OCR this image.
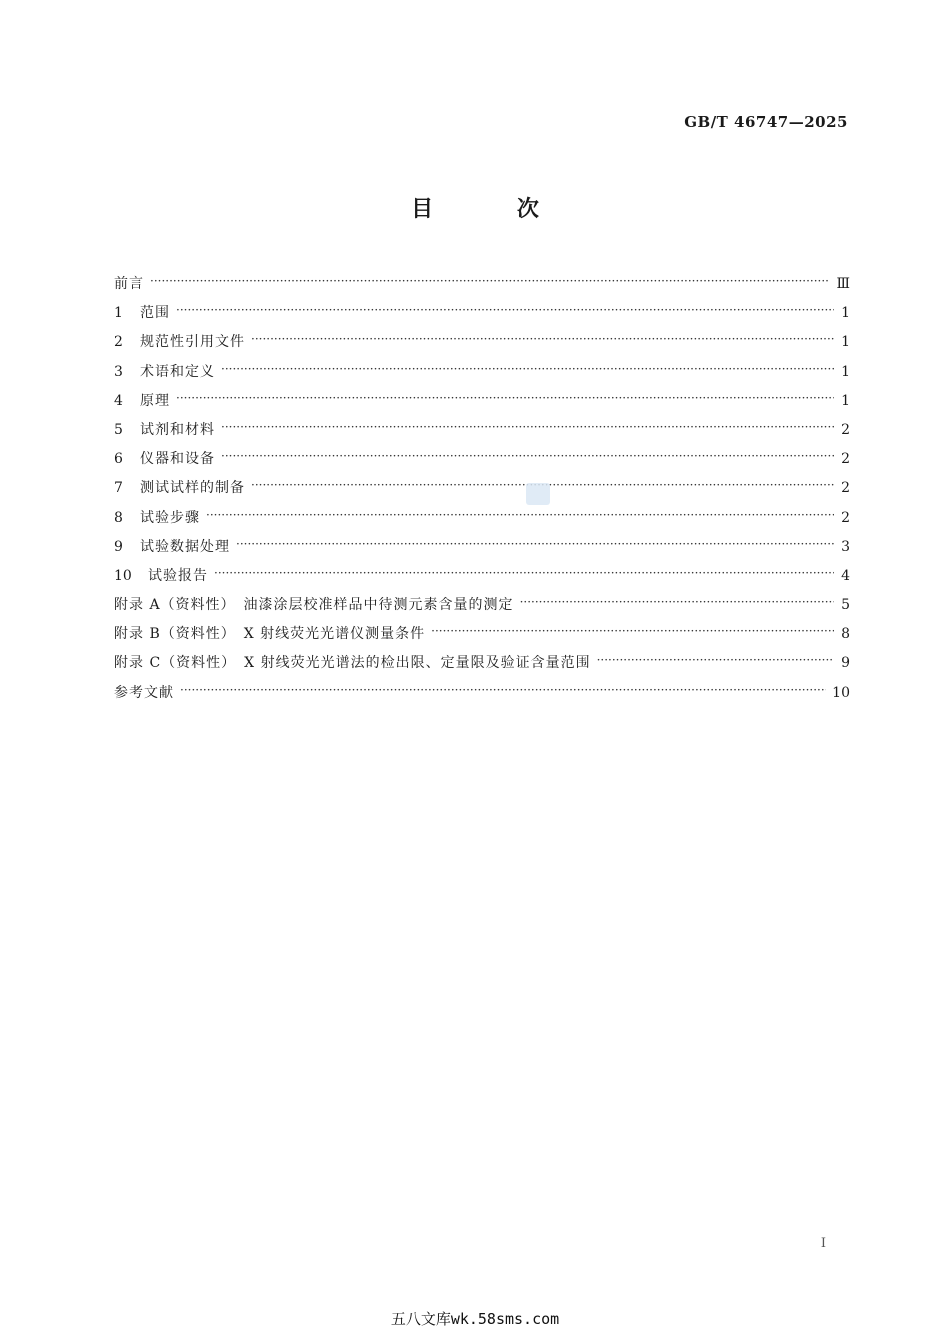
GB/T 46747—2025
目 次
前言 ·····	Ⅲ
1	范围 ·····	1
2	规范性引用文件 ·····	1
3	术语和定义 ·····	1
4	原理 ·····	1
5	试剂和材料 ·····	2
6	仪器和设备 ·····	2
7	测试试样的制备 ·····	2
8	试验步骤 ·····	2
9	试验数据处理 ·····	3
10	试验报告 ·····	4
附录 A（资料性）　油漆涂层校准样品中待测元素含量的测定 ·····	5
附录 B（资料性）　X 射线荧光光谱仪测量条件 ·····	8
附录 C（资料性）　X 射线荧光光谱法的检出限、定量限及验证含量范围 ·····	9
参考文献 ·····	10
I
五八文库wk.58sms.com
